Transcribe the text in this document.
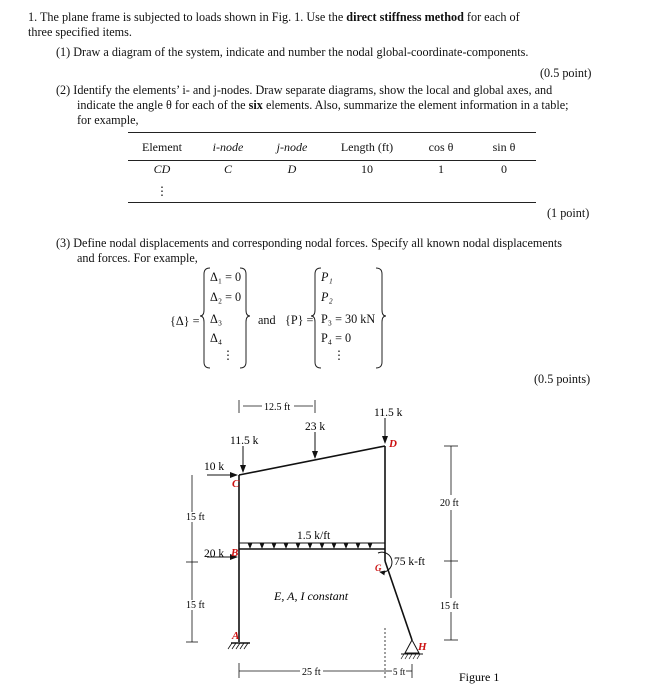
1. The plane frame is subjected to loads shown in Fig. 1. Use the direct stiffness method for each of
three specified items.
(1) Draw a diagram of the system, indicate and number the nodal global-coordinate-components.
(0.5 point)
(2) Identify the elements’ i- and j-nodes. Draw separate diagrams, show the local and global axes, and
indicate the angle θ for each of the six elements. Also, summarize the element information in a table;
for example,
Element	i-node	j-node	Length (ft)	cos θ	sin θ
CD	C	D	10	1	0
⋮					
(1 point)
(3) Define nodal displacements and corresponding nodal forces. Specify all known nodal displacements
and forces. For example,
{Δ} =
Δ₁ = 0
Δ₂ = 0
Δ₃
Δ₄
⋮
and {P} =
P₁
P₂
P₃ = 30 kN
P₄ = 0
⋮
(0.5 points)
12.5 ft
23 k
11.5 k
11.5 k
10 k
20 k
1.5 k/ft
75 k-ft
E, A, I constant
15 ft
15 ft
20 ft
15 ft
25 ft	5 ft
A
B
C
D
G
H
Figure 1
